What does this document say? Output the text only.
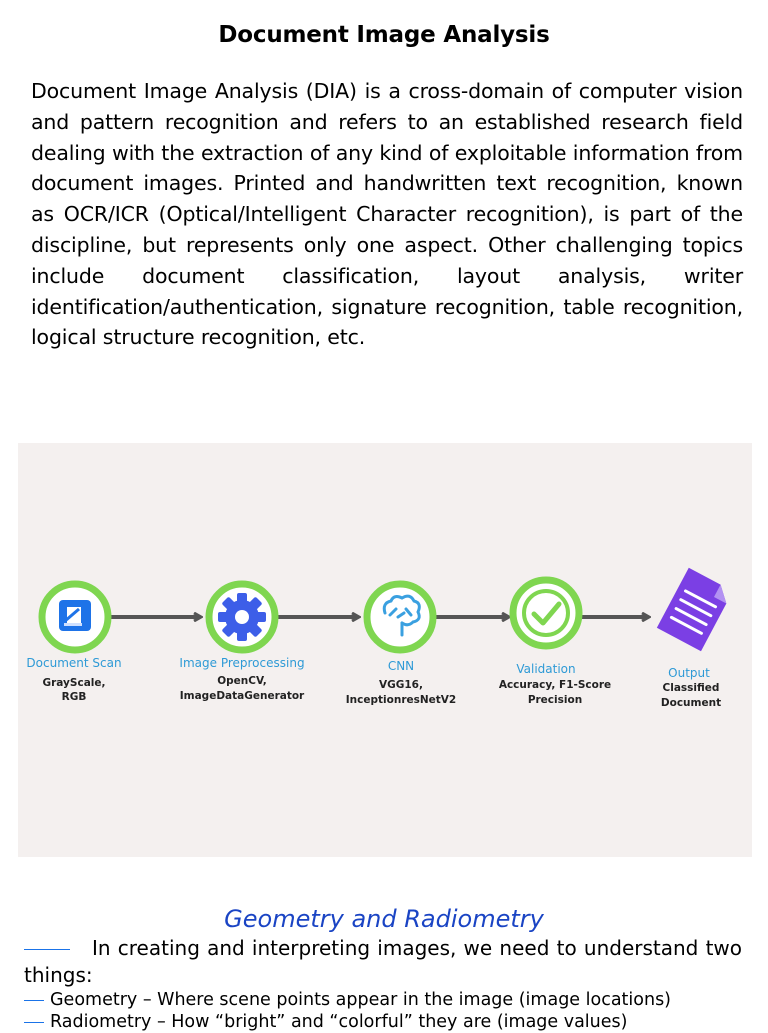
Document Image Analysis
Document Image Analysis (DIA) is a cross-domain of computer vision and pattern recognition and refers to an established research field dealing with the extraction of any kind of exploitable information from document images. Printed and handwritten text recognition, known as OCR/ICR (Optical/Intelligent Character recognition), is part of the discipline, but represents only one aspect. Other challenging topics include document classification, layout analysis, writer identification/authentication, signature recognition, table recognition, logical structure recognition, etc.
Document Scan
GrayScale,
RGB
Image Preprocessing
OpenCV,
ImageDataGenerator
CNN
VGG16,
InceptionresNetV2
Validation
Accuracy, F1-Score
Precision
Output
Classified
Document
Geometry and Radiometry
In creating and interpreting images, we need to understand two things:
Geometry – Where scene points appear in the image (image locations)
Radiometry – How “bright” and “colorful” they are (image values)
